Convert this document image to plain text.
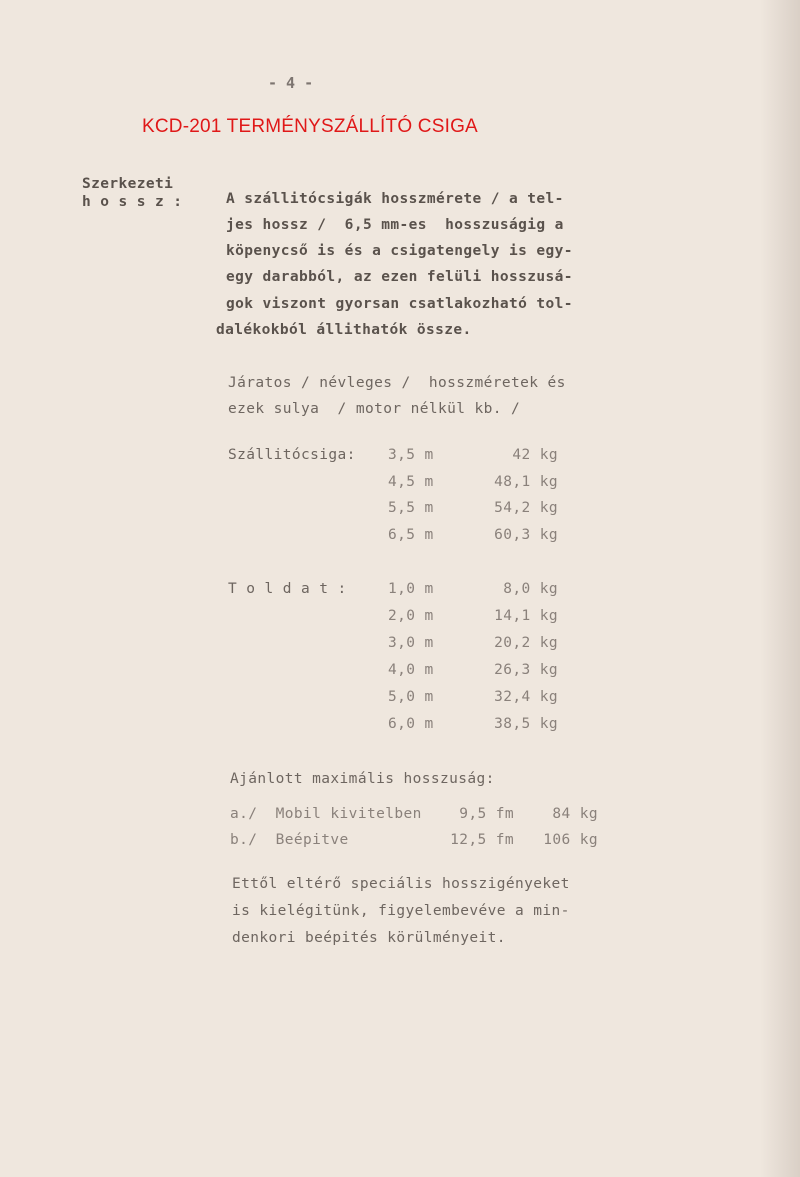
- 4 -
KCD-201 TERMÉNYSZÁLLÍTÓ CSIGA
Szerkezeti
h o s s z :	A szállitócsigák hosszmérete / a tel-
jes hossz /  6,5 mm-es  hosszuságig a
köpenycső is és a csigatengely is egy-
egy darabból, az ezen felüli hosszusá-
gok viszont gyorsan csatlakozható tol-
dalékokból állithatók össze.
Járatos / névleges /  hosszméretek és
ezek sulya  / motor nélkül kb. /
Szállitócsiga: 3,5 m	42 kg
4,5 m	48,1 kg
5,5 m	54,2 kg
6,5 m	60,3 kg
T o l d a t :	1,0 m	8,0 kg
2,0 m	14,1 kg
3,0 m	20,2 kg
4,0 m	26,3 kg
5,0 m	32,4 kg
6,0 m	38,5 kg
Ajánlott maximális hosszuság:
a./  Mobil kivitelben	9,5 fm	84 kg
b./  Beépitve	12,5 fm	106 kg
Ettől eltérő speciális hosszigényeket
is kielégitünk, figyelembevéve a min-
denkori beépités körülményeit.
